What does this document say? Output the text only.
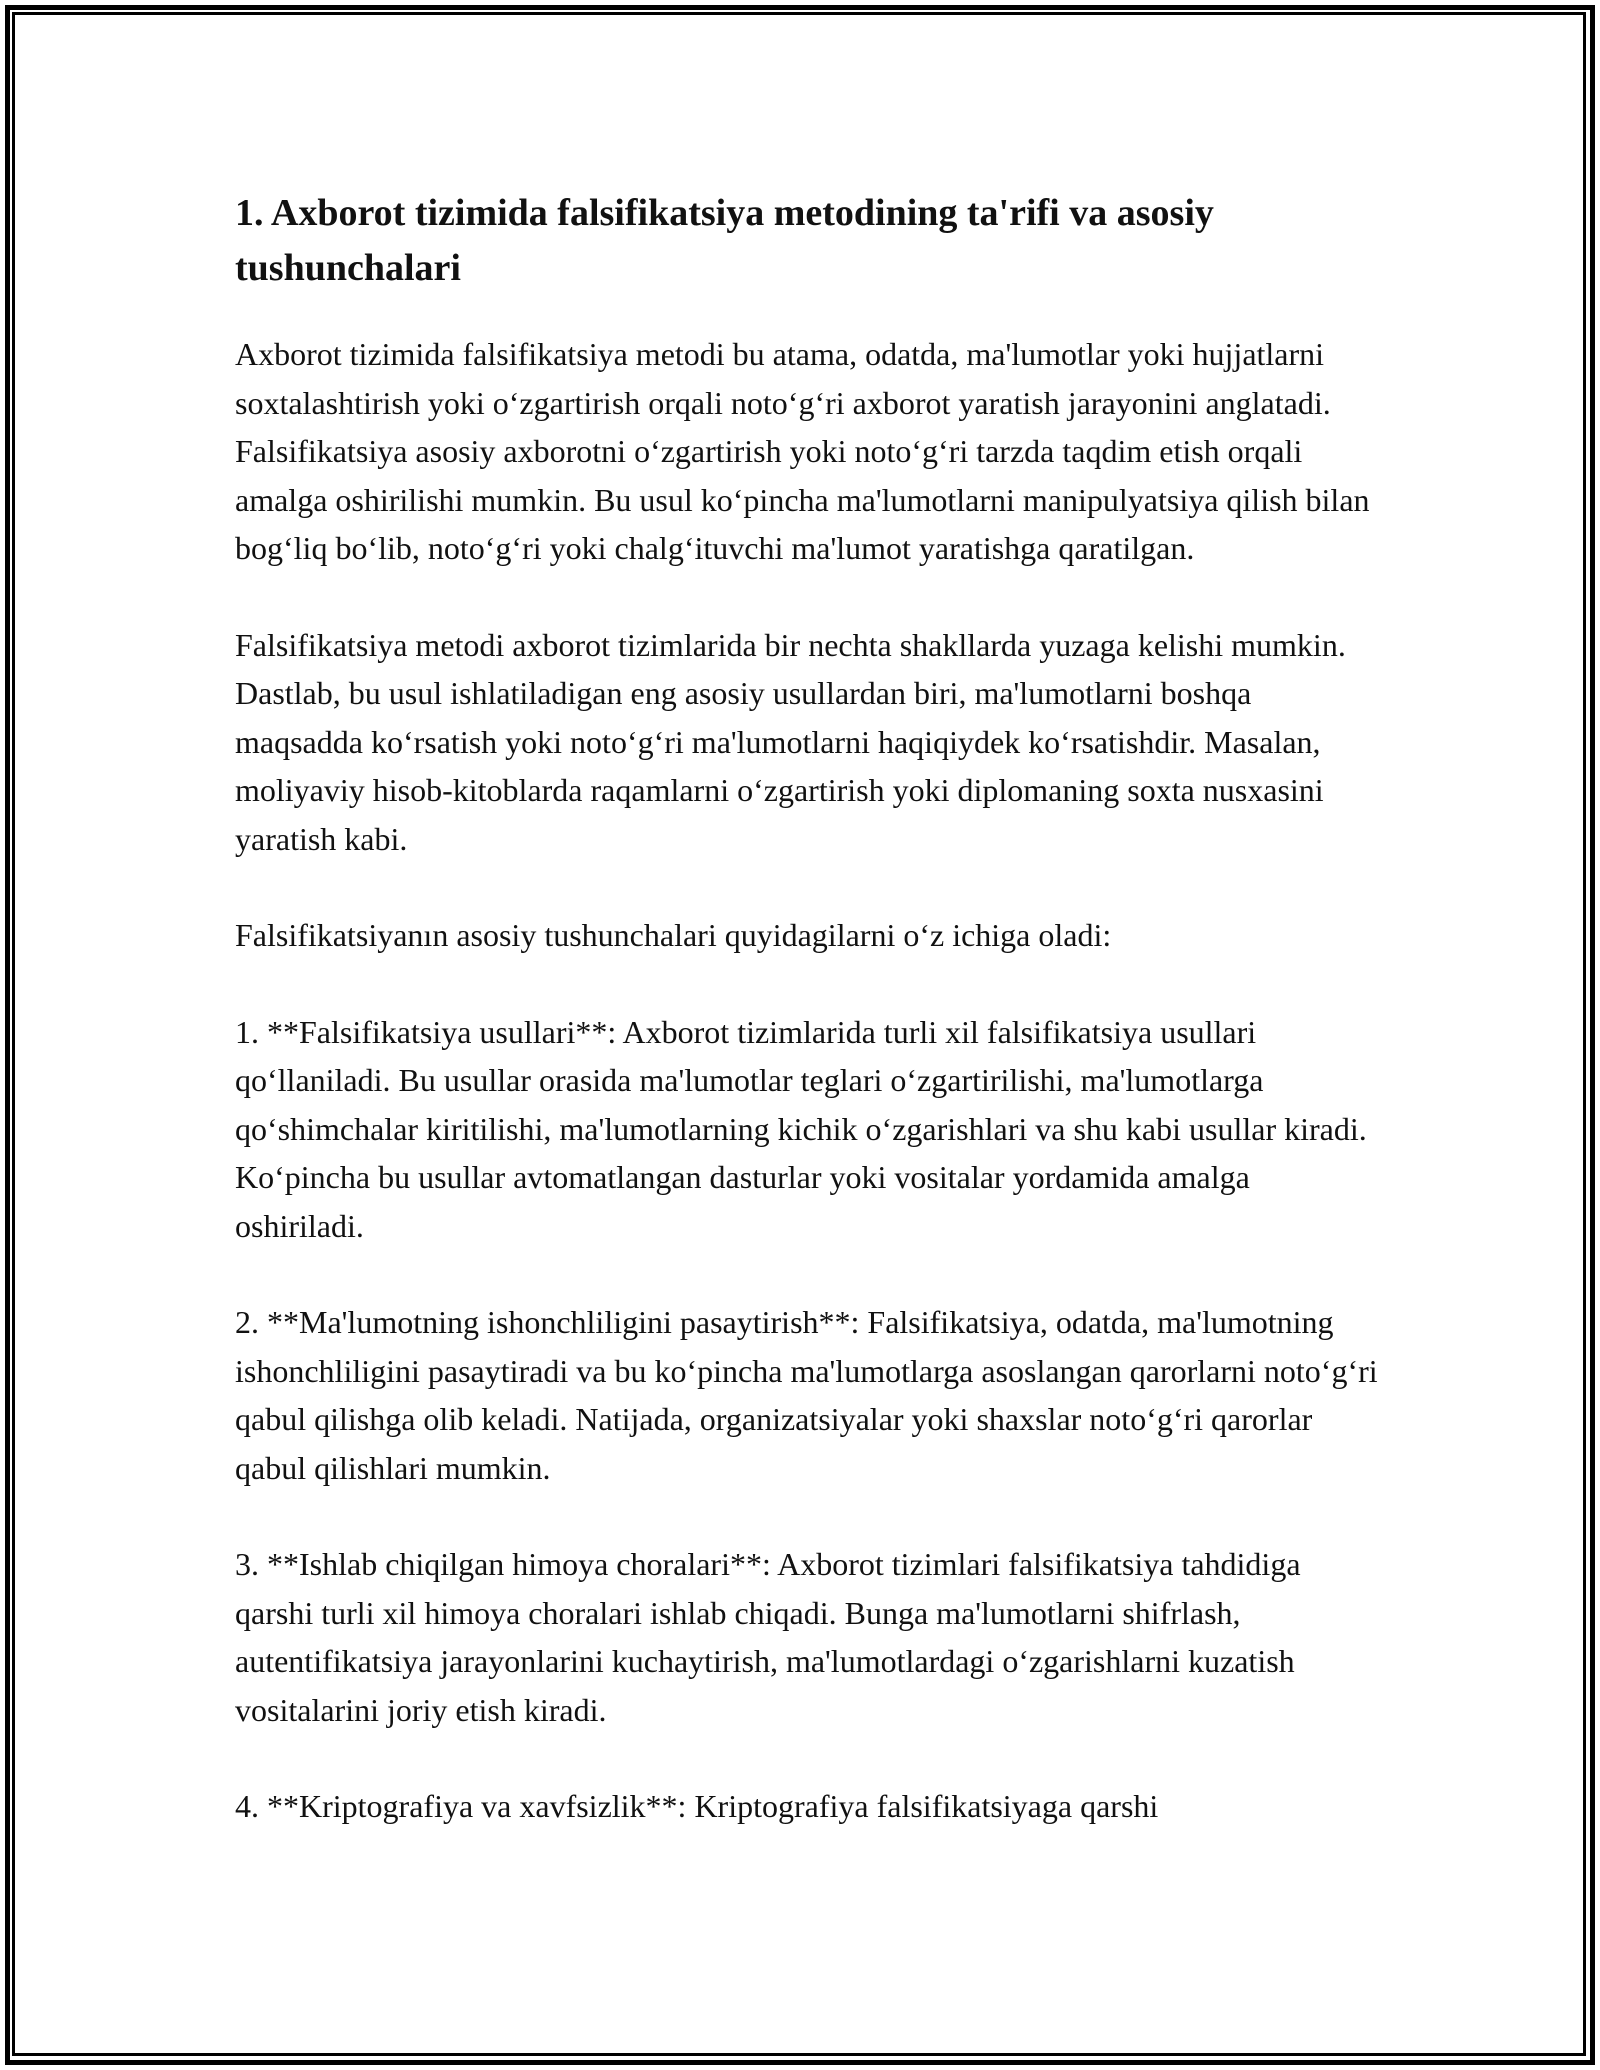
1. Axborot tizimida falsifikatsiya metodining ta'rifi va asosiy tushunchalari

Axborot tizimida falsifikatsiya metodi bu atama, odatda, ma'lumotlar yoki hujjatlarni soxtalashtirish yoki o‘zgartirish orqali noto‘g‘ri axborot yaratish jarayonini anglatadi. Falsifikatsiya asosiy axborotni o‘zgartirish yoki noto‘g‘ri tarzda taqdim etish orqali amalga oshirilishi mumkin. Bu usul ko‘pincha ma'lumotlarni manipulyatsiya qilish bilan bog‘liq bo‘lib, noto‘g‘ri yoki chalg‘ituvchi ma'lumot yaratishga qaratilgan.

Falsifikatsiya metodi axborot tizimlarida bir nechta shakllarda yuzaga kelishi mumkin. Dastlab, bu usul ishlatiladigan eng asosiy usullardan biri, ma'lumotlarni boshqa maqsadda ko‘rsatish yoki noto‘g‘ri ma'lumotlarni haqiqiydek ko‘rsatishdir. Masalan, moliyaviy hisob-kitoblarda raqamlarni o‘zgartirish yoki diplomaning soxta nusxasini yaratish kabi.

Falsifikatsiyanın asosiy tushunchalari quyidagilarni o‘z ichiga oladi:

1. **Falsifikatsiya usullari**: Axborot tizimlarida turli xil falsifikatsiya usullari qo‘llaniladi. Bu usullar orasida ma'lumotlar teglari o‘zgartirilishi, ma'lumotlarga qo‘shimchalar kiritilishi, ma'lumotlarning kichik o‘zgarishlari va shu kabi usullar kiradi. Ko‘pincha bu usullar avtomatlangan dasturlar yoki vositalar yordamida amalga oshiriladi.

2. **Ma'lumotning ishonchliligini pasaytirish**: Falsifikatsiya, odatda, ma'lumotning ishonchliligini pasaytiradi va bu ko‘pincha ma'lumotlarga asoslangan qarorlarni noto‘g‘ri qabul qilishga olib keladi. Natijada, organizatsiyalar yoki shaxslar noto‘g‘ri qarorlar qabul qilishlari mumkin.

3. **Ishlab chiqilgan himoya choralari**: Axborot tizimlari falsifikatsiya tahdidiga qarshi turli xil himoya choralari ishlab chiqadi. Bunga ma'lumotlarni shifrlash, autentifikatsiya jarayonlarini kuchaytirish, ma'lumotlardagi o‘zgarishlarni kuzatish vositalarini joriy etish kiradi.

4. **Kriptografiya va xavfsizlik**: Kriptografiya falsifikatsiyaga qarshi
